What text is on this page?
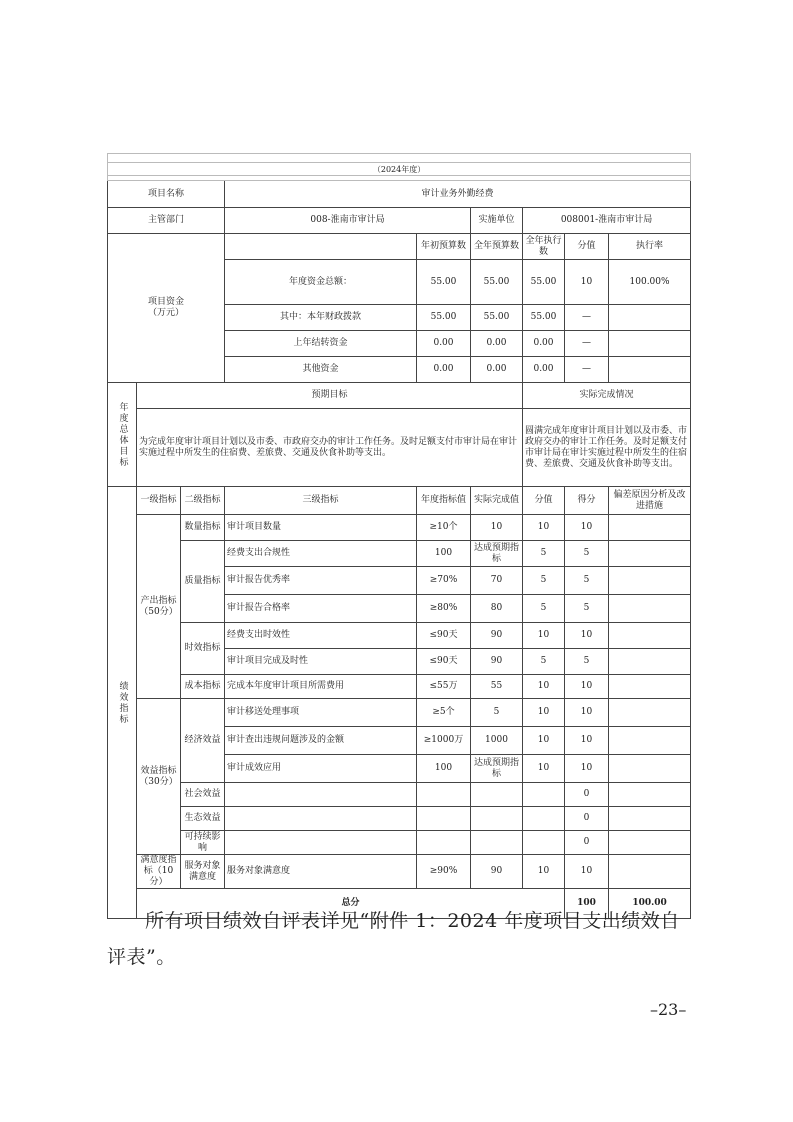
（2024年度）									

项目名称			审计业务外勤经费						
主管部门			008-淮南市审计局		实施单位	008001-淮南市审计局			
项目资金
（万元）				年初预算数	全年预算数	全年执行数	分值	执行率	
			年度资金总额：	55.00	55.00	55.00	10	100.00%	
			其中：本年财政拨款	55.00	55.00	55.00	—		
			上年结转资金	0.00	0.00	0.00	—		
			其他资金	0.00	0.00	0.00	—		

年度总体目标	预期目标					实际完成情况			
	为完成年度审计项目计划以及市委、市政府交办的审计工作任务。及时足额支付市审计局在审计实施过程中所发生的住宿费、差旅费、交通及伙食补助等支出。					圆满完成年度审计项目计划以及市委、市政府交办的审计工作任务。及时足额支付市审计局在审计实施过程中所发生的住宿费、差旅费、交通及伙食补助等支出。			

绩效指标	一级指标	二级指标	三级指标	年度指标值	实际完成值	分值	得分	偏差原因分析及改进措施	
	产出指标
（50分）	数量指标	审计项目数量	≥10个	10	10	10		
		质量指标	经费支出合规性	100	达成预期指标	5	5		
			审计报告优秀率	≥70%	70	5	5		
			审计报告合格率	≥80%	80	5	5		
		时效指标	经费支出时效性	≤90天	90	10	10		
			审计项目完成及时性	≤90天	90	5	5		
		成本指标	完成本年度审计项目所需费用	≤55万	55	10	10		
	效益指标
（30分）	经济效益	审计移送处理事项	≥5个	5	10	10		
			审计查出违规问题涉及的金额	≥1000万	1000	10	10		
			审计成效应用	100	达成预期指标	10	10		
		社会效益					0		
		生态效益					0		
		可持续影响					0		
	满意度指标（10分）	服务对象满意度	服务对象满意度	≥90%	90	10	10		
	总分						100	100.00	
所有项目绩效自评表详见“附件 1：2024 年度项目支出绩效自评表”。
–23–
